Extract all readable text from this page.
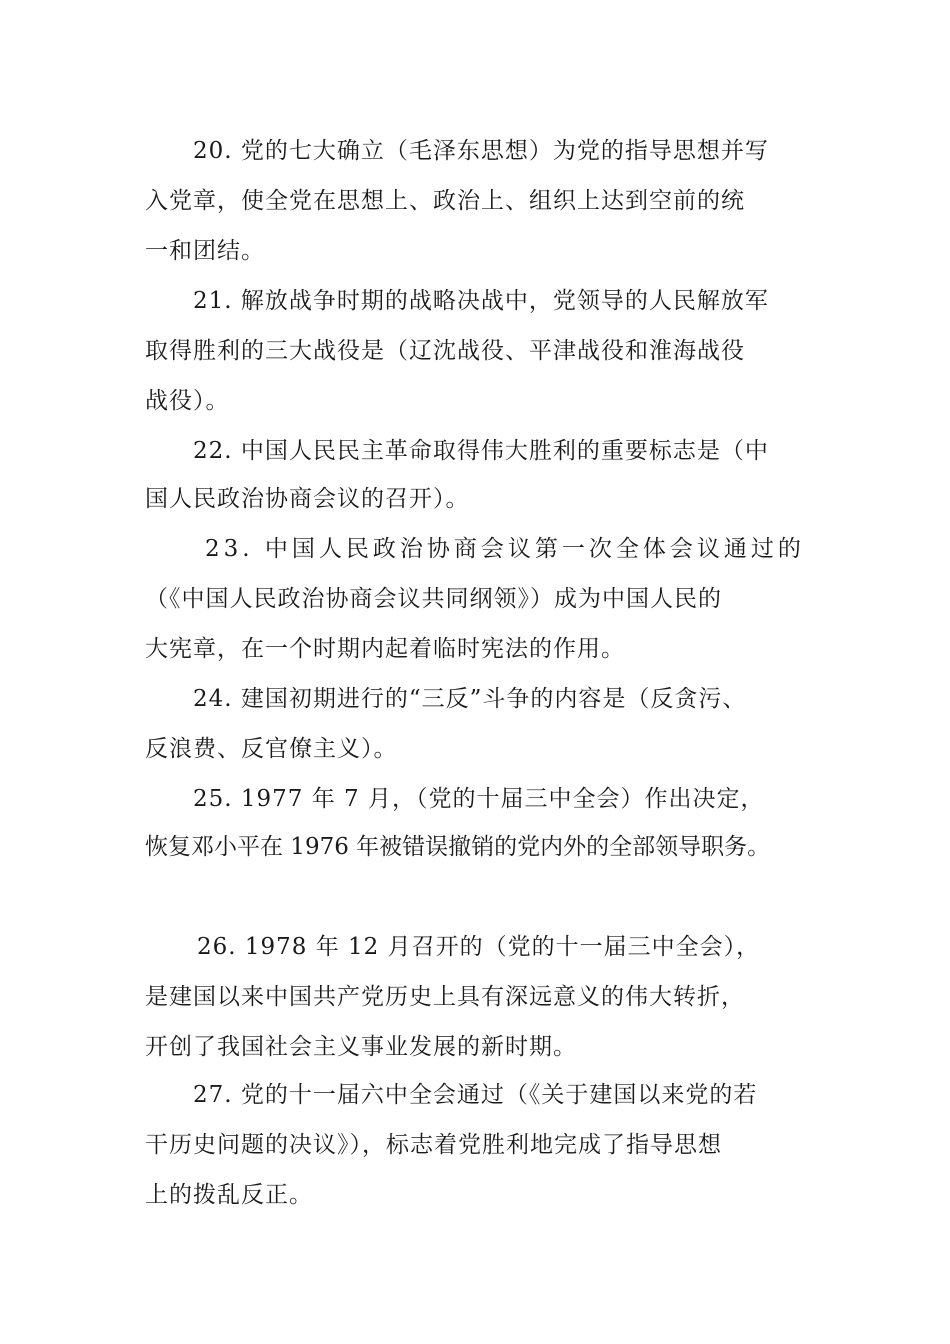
20. 党的七大确立（毛泽东思想）为党的指导思想并写
入党章，使全党在思想上、政治上、组织上达到空前的统
一和团结。
21. 解放战争时期的战略决战中，党领导的人民解放军
取得胜利的三大战役是（辽沈战役、平津战役和淮海战役
战役）。
22. 中国人民民主革命取得伟大胜利的重要标志是（中
国人民政治协商会议的召开）。
23. 中国人民政治协商会议第一次全体会议通过的
（《中国人民政治协商会议共同纲领》）成为中国人民的
大宪章，在一个时期内起着临时宪法的作用。
24. 建国初期进行的“三反”斗争的内容是（反贪污、
反浪费、反官僚主义）。
25. 1977 年 7 月，（党的十届三中全会）作出决定，
恢复邓小平在 1976 年被错误撤销的党内外的全部领导职务。
26. 1978 年 12 月召开的（党的十一届三中全会），
是建国以来中国共产党历史上具有深远意义的伟大转折，
开创了我国社会主义事业发展的新时期。
27. 党的十一届六中全会通过（《关于建国以来党的若
干历史问题的决议》），标志着党胜利地完成了指导思想
上的拨乱反正。
